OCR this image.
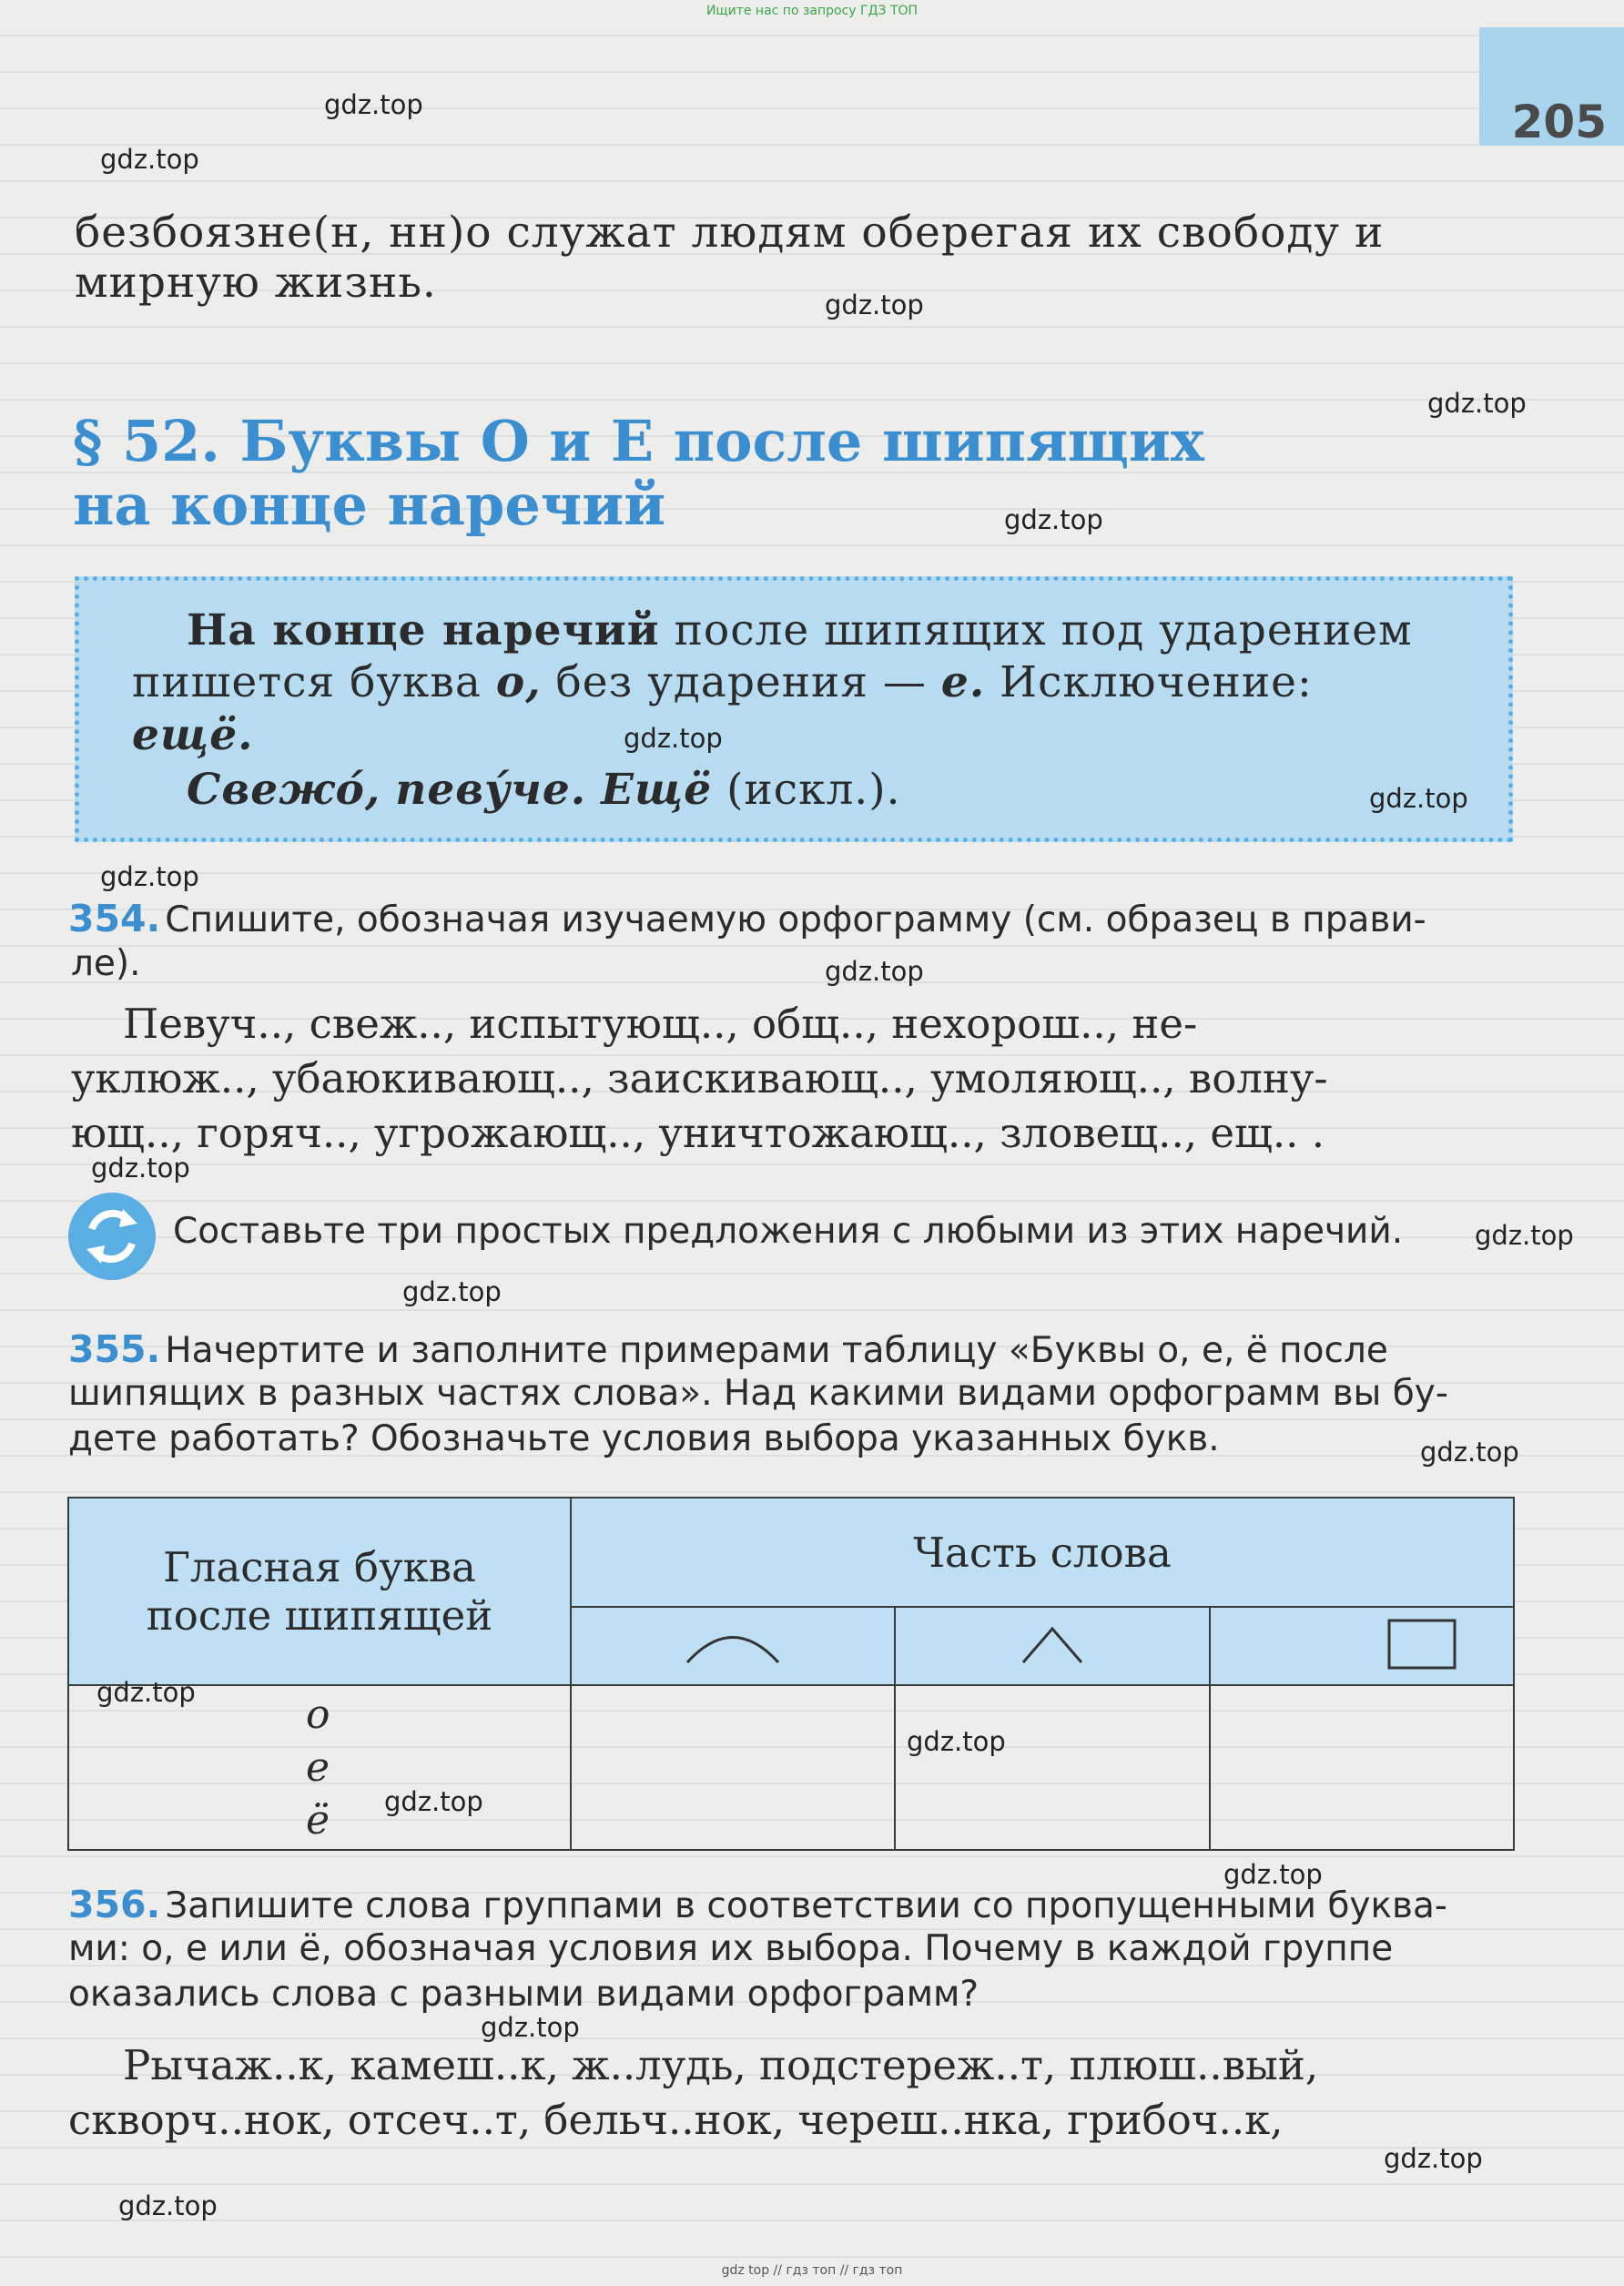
Ищите нас по запросу ГДЗ ТОП
205
безбоязне(н, нн)о служат людям оберегая их свободу и
мирную жизнь.
§ 52. Буквы О и Е после шипящих
на конце наречий
На конце наречий после шипящих под ударением
пишется буква о, без ударения — е. Исключение:
ещё.
Свежо́, певу́че. Ещё (искл.).
354. Спишите, обозначая изучаемую орфограмму (см. образец в прави-
ле).
Певуч.., свеж.., испытующ.., общ.., нехорош.., не-
уклюж.., убаюкивающ.., заискивающ.., умоляющ.., волну-
ющ.., горяч.., угрожающ.., уничтожающ.., зловещ.., ещ.. .
Составьте три простых предложения с любыми из этих наречий.
355. Начертите и заполните примерами таблицу «Буквы о, е, ё после
шипящих в разных частях слова». Над какими видами орфограмм вы бу-
дете работать? Обозначьте условия выбора указанных букв.
Гласная буква
после шипящей	Часть слова		

о
е
ё			

356. Запишите слова группами в соответствии со пропущенными буква-
ми: о, е или ё, обозначая условия их выбора. Почему в каждой группе
оказались слова с разными видами орфограмм?
Рычаж..к, камеш..к, ж..лудь, подстереж..т, плюш..вый,
скворч..нок, отсеч..т, бельч..нок, череш..нка, грибоч..к,
gdz.top
gdz.top
gdz.top
gdz.top
gdz.top
gdz.top
gdz.top
gdz.top
gdz.top
gdz.top
gdz.top
gdz.top
gdz.top
gdz.top
gdz.top
gdz.top
gdz.top
gdz.top
gdz.top
gdz.top
gdz top // гдз топ // гдз топ
